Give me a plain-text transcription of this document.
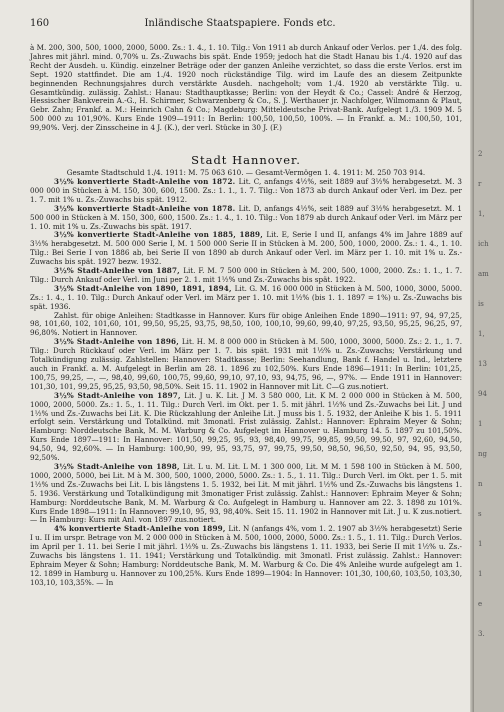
160	Inländische Staatspapiere. Fonds etc.

à M. 200, 300, 500, 1000, 2000, 5000. Zs.: 1. 4., 1. 10. Tilg.: Von 1911 ab durch Ankauf oder Verlos. per 1./4. des folg. Jahres mit jährl. mind. 0,70% u. Zs.-Zuwachs bis spät. Ende 1959; jedoch hat die Stadt Hanau bis 1./4. 1920 auf das Recht der Ausdeh. u. Kündig. einzelner Beträge oder der ganzen Anleihe verzichtet, so dass die erste Verlos. erst im Sept. 1920 stattfindet. Die am 1./4. 1920 noch rückständige Tilg. wird im Laufe des an diesem Zeitpunkte beginnenden Rechnungsjahres durch verstärkte Ausdeh. nachgeholt; vom 1./4. 1920 ab verstärkte Tilg. u. Gesamtkündig. zulässig. Zahlst.: Hanau: Stadthauptkasse; Berlin: von der Heydt & Co.; Cassel: André & Herzog, Hessischer Bankverein A.-G., H. Schirmer, Schwarzenberg & Co., S. J. Werthauer jr. Nachfolger, Wilmomann & Plaut, Gebr. Zahn; Frankf. a. M.: Heinrich Cahn & Co.; Magdeburg: Mitteldeutsche Privat-Bank. Aufgelegt 1./3. 1909 M. 5 500 000 zu 101,90%. Kurs Ende 1909—1911: In Berlin: 100,50, 100,50, 100%. — In Frankf. a. M.: 100,50, 101, 99,90%. Verj. der Zinsscheine in 4 J. (K.), der verl. Stücke in 30 J. (F.)

Stadt Hannover.

Gesamte Stadtschuld 1./4. 1911: M. 75 063 610. — Gesamt-Vermögen 1. 4. 1911: M. 250 703 914.

3½% konvertierte Stadt-Anleihe von 1872. Lit. C, anfangs 4½%, seit 1889 auf 3½% herabgesetzt. M. 3 000 000 in Stücken à M. 150, 300, 600, 1500. Zs.: 1. 1., 1. 7. Tilg.: Von 1873 ab durch Ankauf oder Verl. im Dez. per 1. 7. mit 1% u. Zs.-Zuwachs bis spät. 1912.

3½% konvertierte Stadt-Anleihe von 1878. Lit. D, anfangs 4½%, seit 1889 auf 3½% herabgesetzt. M. 1 500 000 in Stücken à M. 150, 300, 600, 1500. Zs.: 1. 4., 1. 10. Tilg.: Von 1879 ab durch Ankauf oder Verl. im März per 1. 10. mit 1% u. Zs.-Zuwachs bis spät. 1917.

3½% konvertierte Stadt-Anleihe von 1885, 1889, Lit. E, Serie I und II, anfangs 4% im Jahre 1889 auf 3½% herabgesetzt. M. 500 000 Serie I, M. 1 500 000 Serie II in Stücken à M. 200, 500, 1000, 2000. Zs.: 1. 4., 1. 10. Tilg.: Bei Serie I von 1886 ab, bei Serie II von 1890 ab durch Ankauf oder Verl. im März per 1. 10. mit 1% u. Zs.-Zuwachs bis spät. 1927 bezw. 1932.

3½% Stadt-Anleihe von 1887, Lit. F. M. 7 500 000 in Stücken à M. 200, 500, 1000, 2000. Zs.: 1. 1., 1. 7. Tilg.: Durch Ankauf oder Verl. im Juni per 2. 1. mit 1½% und Zs.-Zuwachs bis spät. 1922.

3½% Stadt-Anleihe von 1890, 1891, 1894, Lit. G. M. 16 000 000 in Stücken à M. 500, 1000, 3000, 5000. Zs.: 1. 4., 1. 10. Tilg.: Durch Ankauf oder Verl. im März per 1. 10. mit 1½% (bis 1. 1. 1897 = 1%) u. Zs.-Zuwachs bis spät. 1936.

Zahlst. für obige Anleihen: Stadtkasse in Hannover. Kurs für obige Anleihen Ende 1890—1911: 97, 94, 97,25, 98, 101,60, 102, 101,60, 101, 99,50, 95,25, 93,75, 98,50, 100, 100,10, 99,60, 99,40, 97,25, 93,50, 95,25, 96,25, 97, 96,80%. Notiert in Hannover.

3½% Stadt-Anleihe von 1896, Lit. H. M. 8 000 000 in Stücken à M. 500, 1000, 3000, 5000. Zs.: 2. 1., 1. 7. Tilg.: Durch Rückkauf oder Verl. im März per 1. 7. bis spät. 1931 mit 1½% u. Zs.-Zuwachs; Verstärkung und Totalkündigung zulässig. Zahlstellen: Hannover: Stadtkasse; Berlin: Seehandlung, Bank f. Handel u. Ind., letztere auch in Frankf. a. M. Aufgelegt in Berlin am 28. 1. 1896 zu 102,50%. Kurs Ende 1896—1911: In Berlin: 101,25, 100,75, 99,25, —, —, 98,40, 99,60, 100,75, 99,60, 99,10, 97,10, 93, 94,75, 96, —, 97%. — Ende 1911 in Hannover: 101,30, 101, 99,25, 95,25, 93,50, 98,50%. Seit 15. 11. 1902 in Hannover mit Lit. C—G zus.notiert.

3½% Stadt-Anleihe von 1897, Lit. J u. K. Lit. J M. 3 580 000, Lit. K M. 2 000 000 in Stücken à M. 500, 1000, 2000, 5000. Zs.: 1. 5., 1. 11. Tilg.: Durch Verl. im Okt. per 1. 5. mit jährl. 1½% und Zs.-Zuwachs bei Lit. J und 1½% und Zs.-Zuwachs bei Lit. K. Die Rückzahlung der Anleihe Lit. J muss bis 1. 5. 1932, der Anleihe K bis 1. 5. 1911 erfolgt sein. Verstärkung und Totalkünd. mit 3monatl. Frist zulässig. Zahlst.: Hannover: Ephraim Meyer & Sohn; Hamburg: Norddeutsche Bank, M. M. Warburg & Co. Aufgelegt im Hannover u. Hamburg 14. 5. 1897 zu 101,50%. Kurs Ende 1897—1911: In Hannover: 101,50, 99,25, 95, 93, 98,40, 99,75, 99,85, 99,50, 99,50, 97, 92,60, 94,50, 94,50, 94, 92,60%. — In Hamburg: 100,90, 99, 95, 93,75, 97, 99,75, 99,50, 98,50, 96,50, 92,50, 94, 95, 93,50, 92,50%.

3½% Stadt-Anleihe von 1898, Lit. L u. M. Lit. L M. 1 300 000, Lit. M M. 1 598 100 in Stücken à M. 500, 1000, 2000, 5000, bei Lit. M à M. 300, 500, 1000, 2000, 5000. Zs.: 1. 5., 1. 11. Tilg.: Durch Verl. im Okt. per 1. 5. mit 1½% und Zs.-Zuwachs bei Lit. L bis längstens 1. 5. 1932, bei Lit. M mit jährl. 1½% und Zs.-Zuwachs bis längstens 1. 5. 1936. Verstärkung und Totalkündigung mit 3monatiger Frist zulässig. Zahlst.: Hannover: Ephraim Meyer & Sohn; Hamburg: Norddeutsche Bank, M. M. Warburg & Co. Aufgelegt in Hamburg u. Hannover am 22. 3. 1898 zu 101%. Kurs Ende 1898—1911: In Hannover: 99,10, 95, 93, 98,40%. Seit 15. 11. 1902 in Hannover mit Lit. J u. K zus.notiert. — In Hamburg: Kurs mit Anl. von 1897 zus.notiert.

4% konvertierte Stadt-Anleihe von 1899, Lit. N (anfangs 4%, vom 1. 2. 1907 ab 3½% herabgesetzt) Serie I u. II im urspr. Betrage von M. 2 000 000 in Stücken à M. 500, 1000, 2000, 5000. Zs.: 1. 5., 1. 11. Tilg.: Durch Verlos. im April per 1. 11. bei Serie I mit jährl. 1½% u. Zs.-Zuwachs bis längstens 1. 11. 1933, bei Serie II mit 1½% u. Zs.-Zuwachs bis längstens 1. 11. 1941; Verstärkung und Totalkündig. mit 3monatl. Frist zulässig. Zahlst.: Hannover: Ephraim Meyer & Sohn; Hamburg: Norddeutsche Bank, M. M. Warburg & Co. Die 4% Anleihe wurde aufgelegt am 1. 12. 1899 in Hamburg u. Hannover zu 100,25%. Kurs Ende 1899—1904: In Hannover: 101,30, 100,60, 103,50, 103,30, 103,10, 103,35%. — In

2
r
1,
ich
am
is
1,
13
94
1
ng
n
s
1
1
e
3.
